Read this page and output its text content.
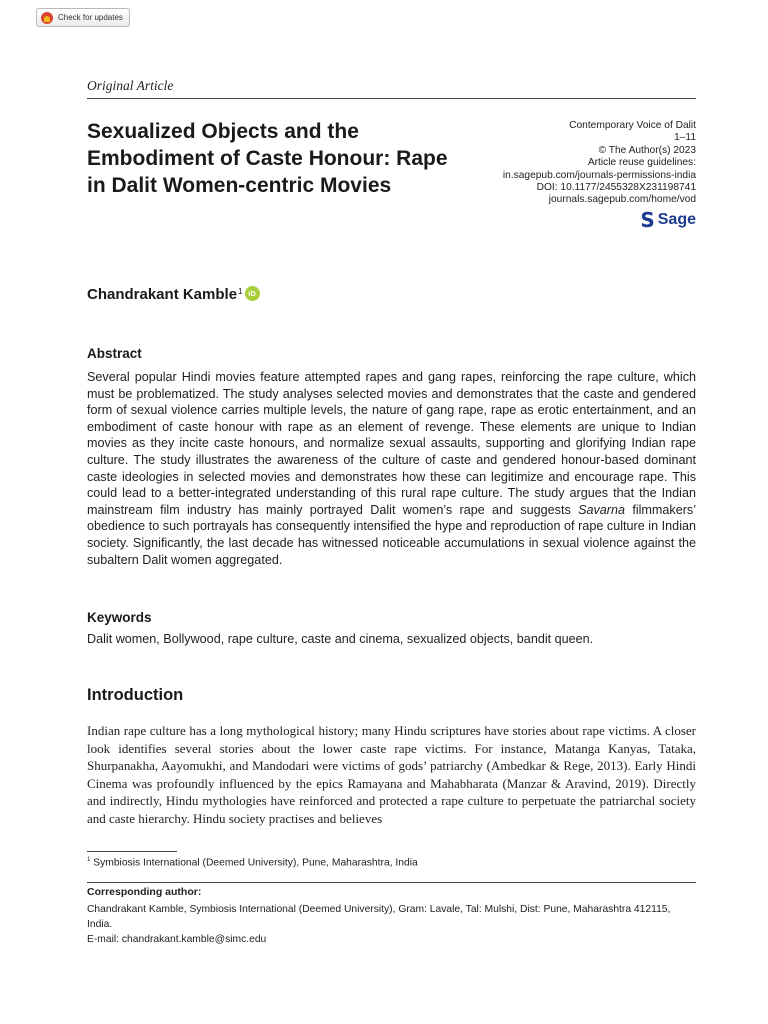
Check for updates
Original Article
Sexualized Objects and the Embodiment of Caste Honour: Rape in Dalit Women-centric Movies
Contemporary Voice of Dalit
1–11
© The Author(s) 2023
Article reuse guidelines:
in.sagepub.com/journals-permissions-india
DOI: 10.1177/2455328X231198741
journals.sagepub.com/home/vod
S Sage
Chandrakant Kamble 1 iD
Abstract

Several popular Hindi movies feature attempted rapes and gang rapes, reinforcing the rape culture, which must be problematized. The study analyses selected movies and demonstrates that the caste and gendered form of sexual violence carries multiple levels, the nature of gang rape, rape as erotic entertainment, and an embodiment of caste honour with rape as an element of revenge. These elements are unique to Indian movies as they incite caste honours, and normalize sexual assaults, supporting and glorifying Indian rape culture. The study illustrates the awareness of the culture of caste and gendered honour-based dominant caste ideologies in selected movies and demonstrates how these can legitimize and encourage rape. This could lead to a better-integrated understanding of this rural rape culture. The study argues that the Indian mainstream film industry has mainly portrayed Dalit women’s rape and suggests Savarna filmmakers’ obedience to such portrayals has consequently intensified the hype and reproduction of rape culture in Indian society. Significantly, the last decade has witnessed noticeable accumulations in sexual violence against the subaltern Dalit women aggregated.

Keywords

Dalit women, Bollywood, rape culture, caste and cinema, sexualized objects, bandit queen.

Introduction

Indian rape culture has a long mythological history; many Hindu scriptures have stories about rape victims. A closer look identifies several stories about the lower caste rape victims. For instance, Matanga Kanyas, Tataka, Shurpanakha, Aayomukhi, and Mandodari were victims of gods’ patriarchy (Ambedkar & Rege, 2013). Early Hindi Cinema was profoundly influenced by the epics Ramayana and Mahabharata (Manzar & Aravind, 2019). Directly and indirectly, Hindu mythologies have reinforced and protected a rape culture to perpetuate the patriarchal society and caste hierarchy. Hindu society practises and believes

$^1$ Symbiosis International (Deemed University), Pune, Maharashtra, India

Corresponding author:

Chandrakant Kamble, Symbiosis International (Deemed University), Gram: Lavale, Tal: Mulshi, Dist: Pune, Maharashtra 412115, India.
E-mail: chandrakant.kamble@simc.edu
